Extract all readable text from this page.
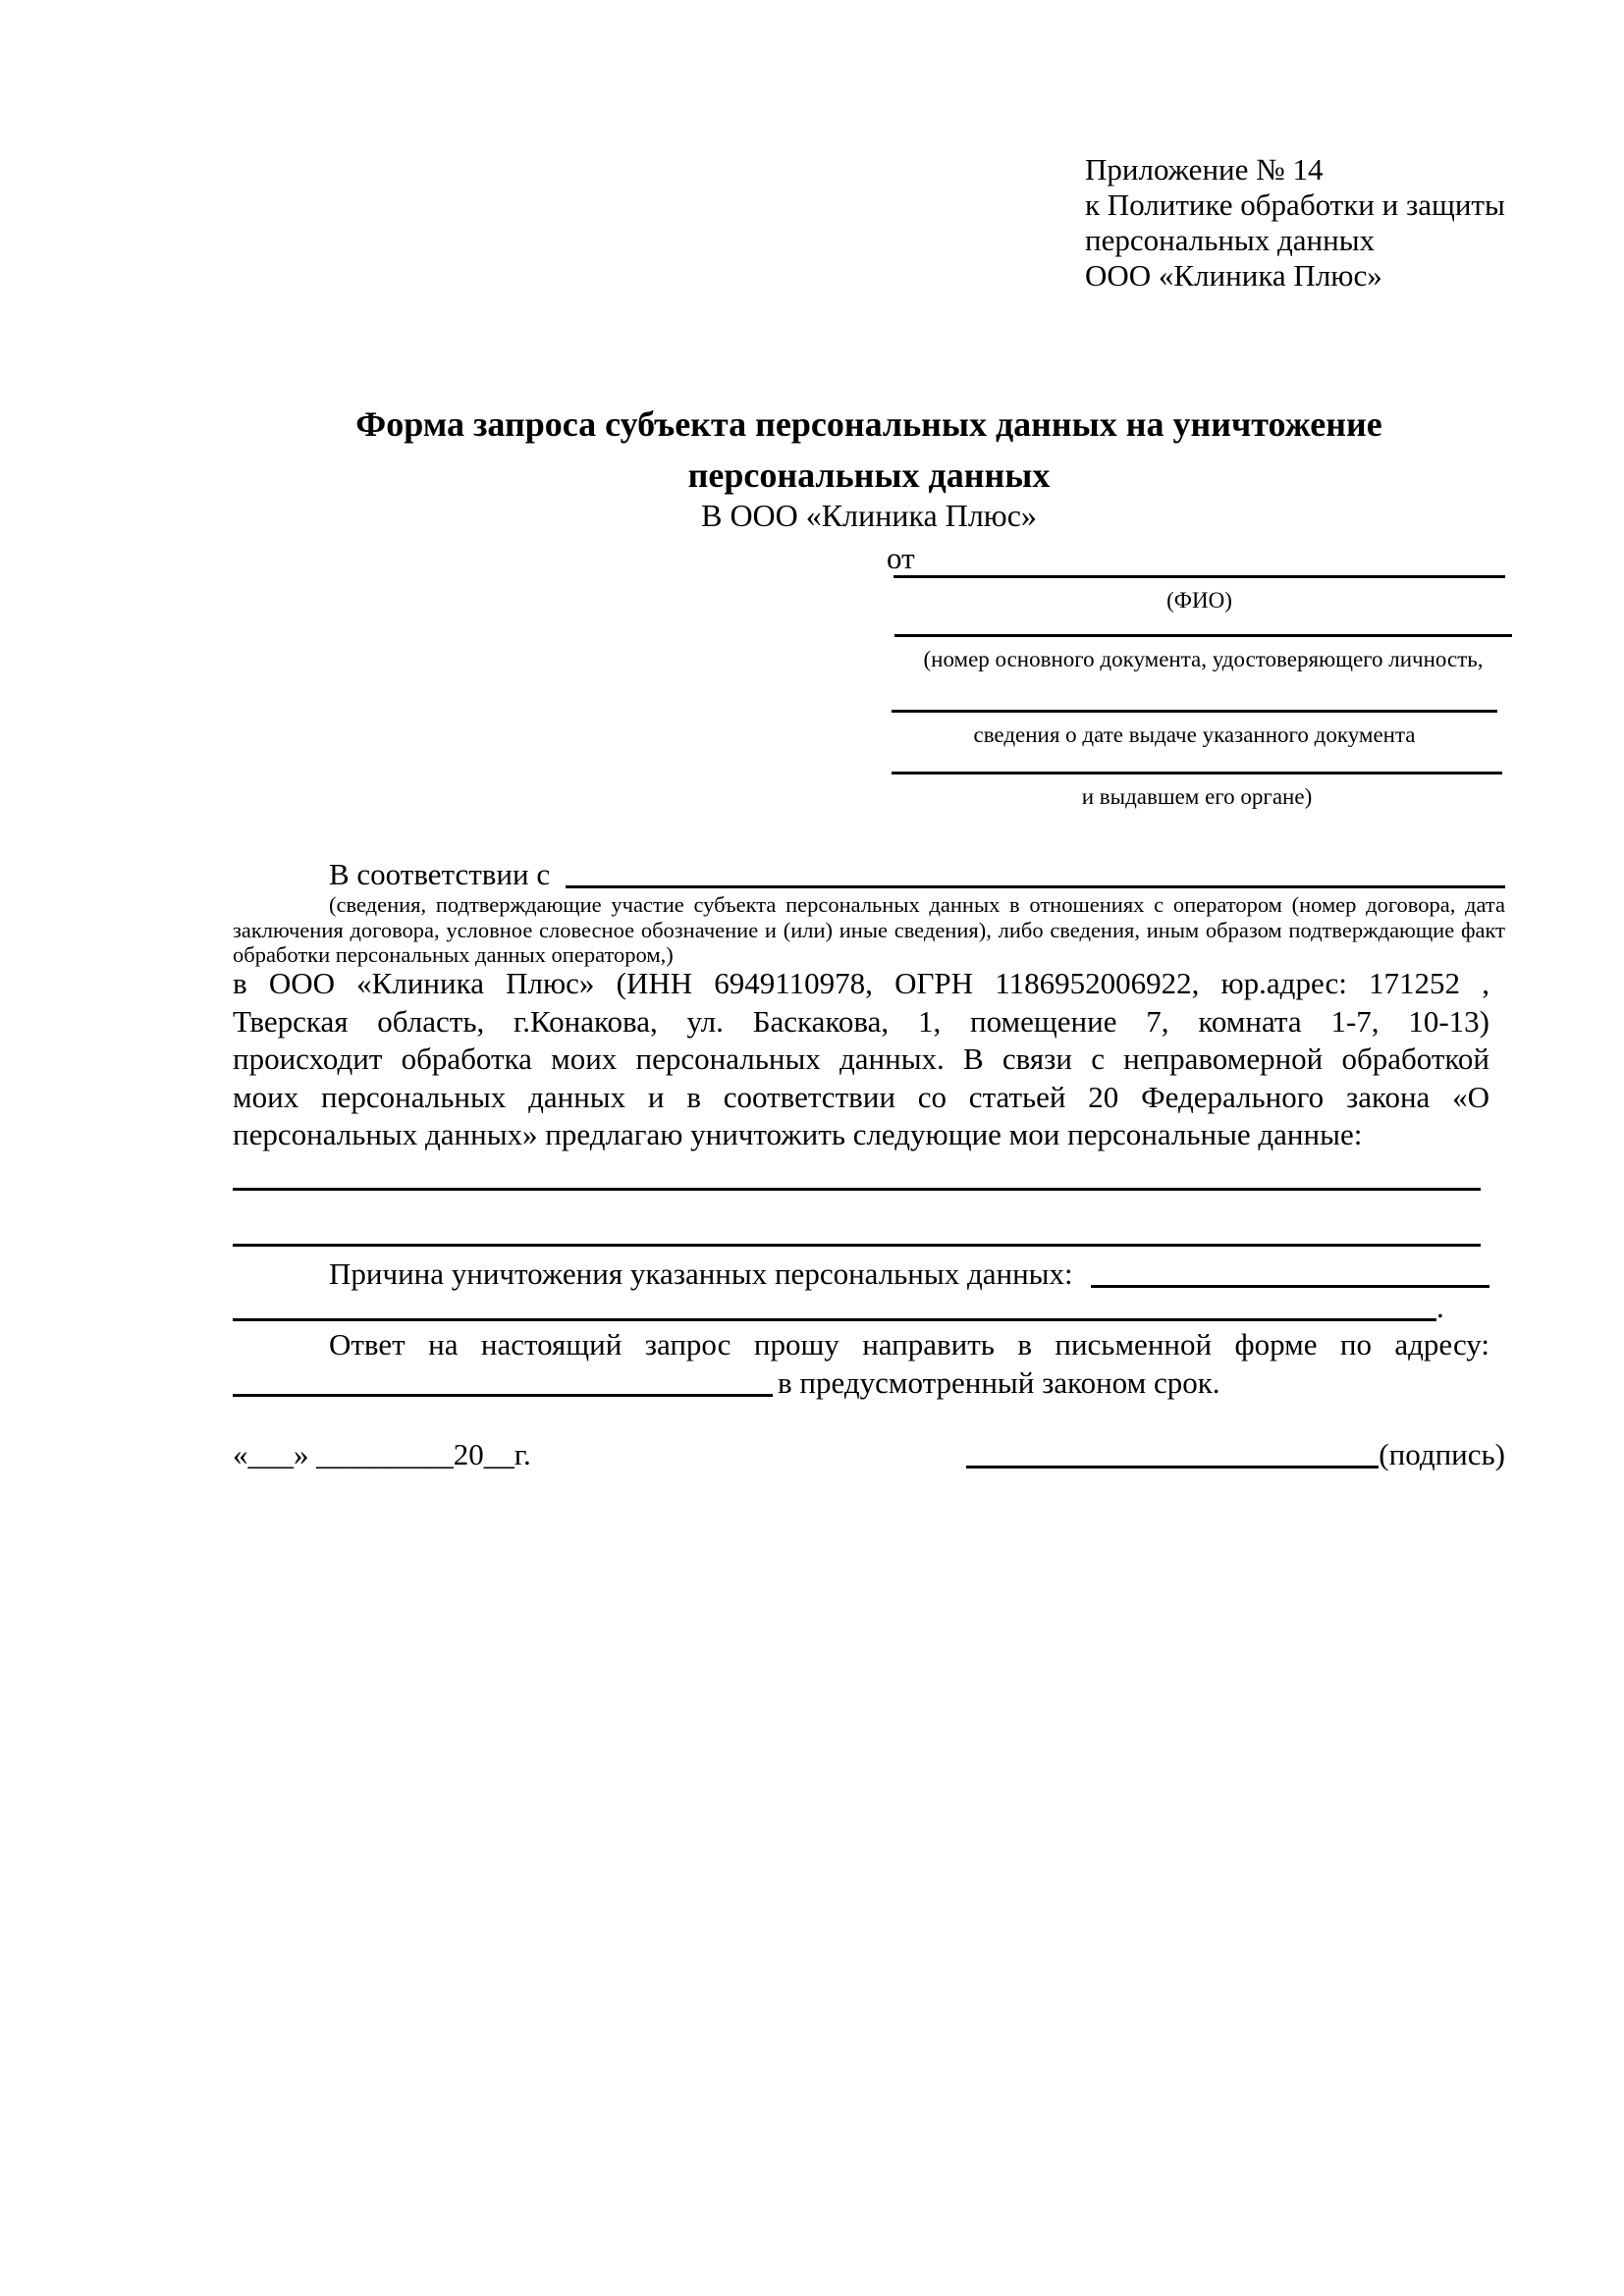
Приложение № 14
к Политике обработки и защиты
персональных данных
ООО «Клиника Плюс»
Форма запроса субъекта персональных данных на уничтожение
персональных данных
В ООО «Клиника Плюс»
от
(ФИО)
(номер основного документа, удостоверяющего личность,
сведения о дате выдаче указанного документа
и выдавшем его органе)
В соответствии с
(сведения, подтверждающие участие субъекта персональных данных в отношениях с оператором (номер договора, дата
заключения договора, условное словесное обозначение и (или) иные сведения), либо сведения, иным образом подтверждающие факт
обработки персональных данных оператором,)
в ООО «Клиника Плюс» (ИНН 6949110978, ОГРН 1186952006922, юр.адрес: 171252 ,
Тверская область, г.Конакова, ул. Баскакова, 1, помещение 7, комната 1-7, 10-13)
происходит обработка моих персональных данных. В связи с неправомерной обработкой
моих персональных данных и в соответствии со статьей 20 Федерального закона «О
персональных данных» предлагаю уничтожить следующие мои персональные данные:
Причина уничтожения указанных персональных данных:
.
Ответ на настоящий запрос прошу направить в письменной форме по адресу:
в предусмотренный законом срок.
«___» _________20__г.	(подпись)
